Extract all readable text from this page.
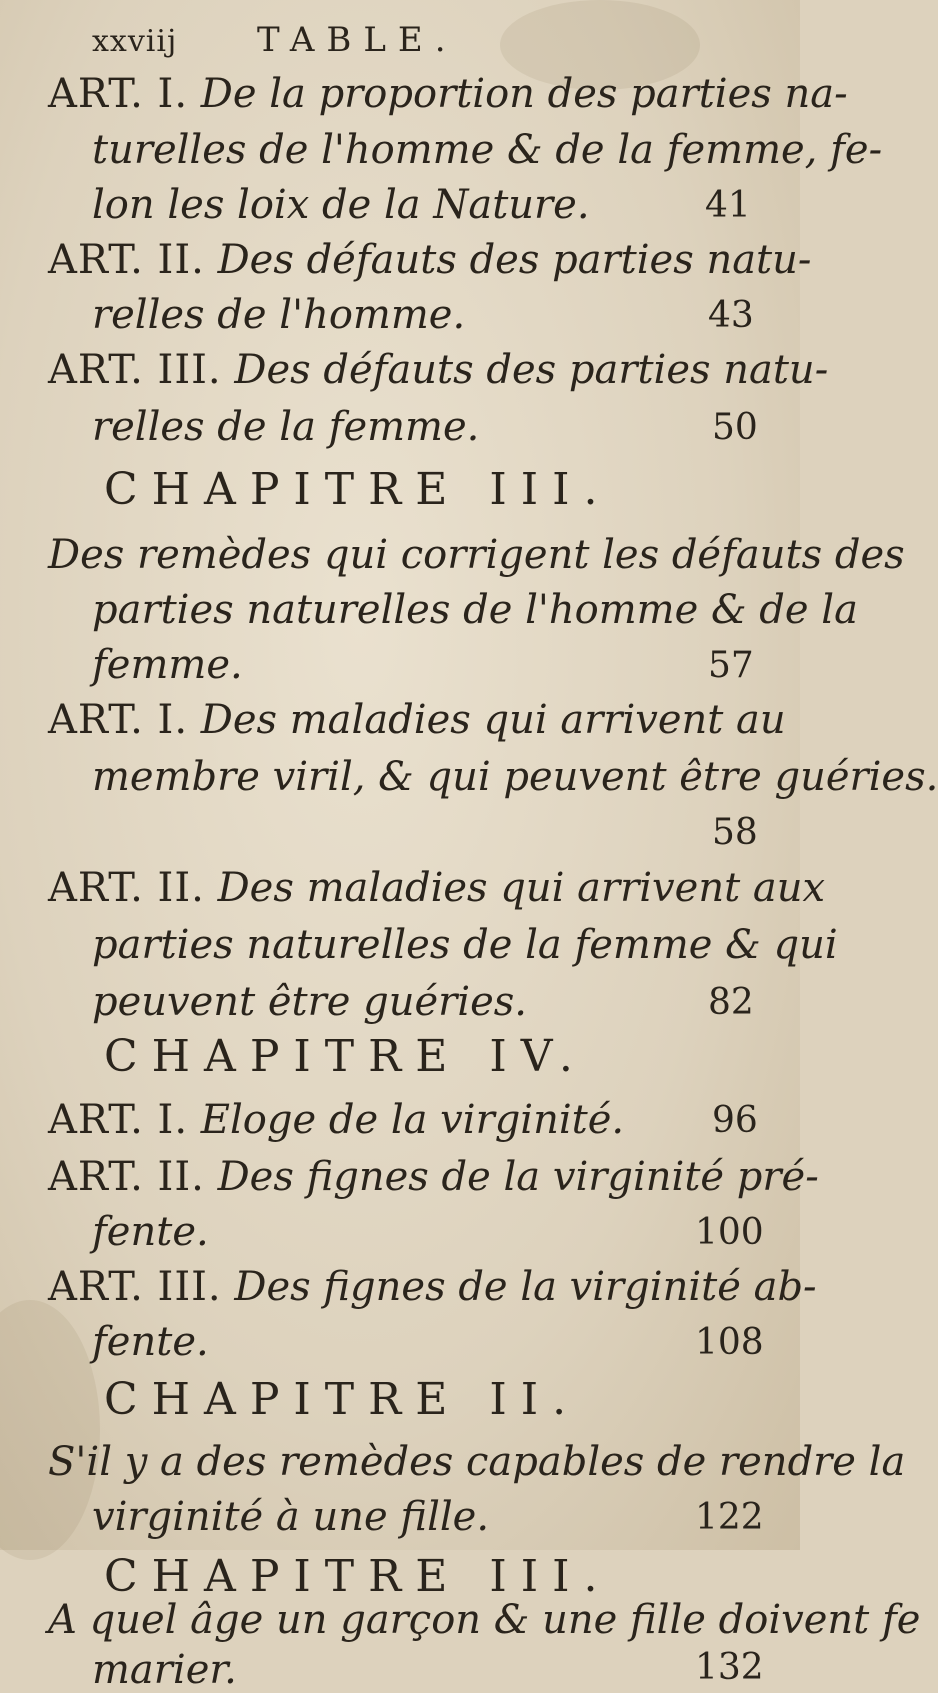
xxviij TABLE.
ART. I. De la proportion des parties na-
turelles de l'homme & de la femme, fe-
lon les loix de la Nature.	41
ART. II. Des défauts des parties natu-
relles de l'homme.	43
ART. III. Des défauts des parties natu-
relles de la femme.	50
CHAPITRE III.
Des remèdes qui corrigent les défauts des
parties naturelles de l'homme & de la
femme.	57
ART. I. Des maladies qui arrivent au
membre viril, & qui peuvent être guéries.
58
ART. II. Des maladies qui arrivent aux
parties naturelles de la femme & qui
peuvent être guéries.	82
CHAPITRE IV.
ART. I. Eloge de la virginité. 96
ART. II. Des fignes de la virginité pré-
fente.	100
ART. III. Des fignes de la virginité ab-
fente.	108
CHAPITRE II.
S'il y a des remèdes capables de rendre la
virginité à une fille.	122
CHAPITRE III.
A quel âge un garçon & une fille doivent fe
marier.	132
